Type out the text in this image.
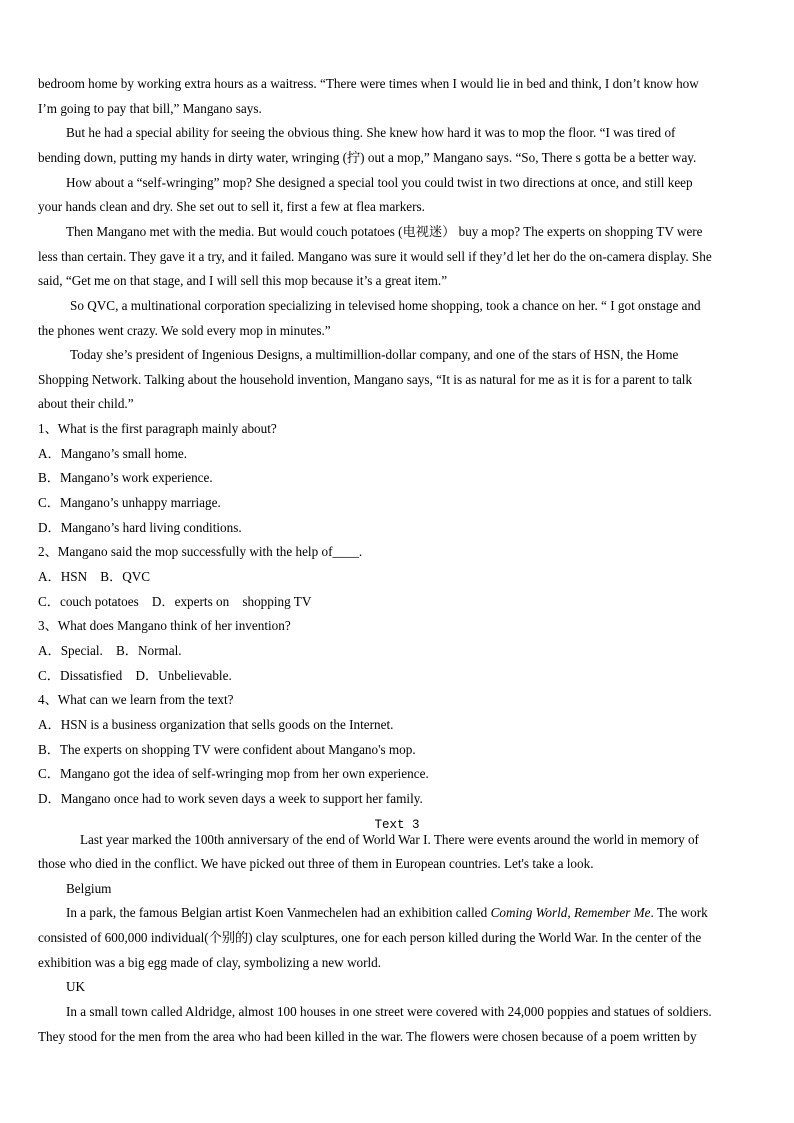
bedroom home by working extra hours as a waitress. “There were times when I would lie in bed and think, I don’t know how
I’m going to pay that bill,” Mangano says.
But he had a special ability for seeing the obvious thing. She knew how hard it was to mop the floor. “I was tired of
bending down, putting my hands in dirty water, wringing (拧) out a mop,” Mangano says. “So, There s gotta be a better way.
How about a “self-wringing” mop? She designed a special tool you could twist in two directions at once, and still keep
your hands clean and dry. She set out to sell it, first a few at flea markers.
Then Mangano met with the media. But would couch potatoes (电视迷） buy a mop? The experts on shopping TV were
less than certain. They gave it a try, and it failed. Mangano was sure it would sell if they’d let her do the on-camera display. She
said, “Get me on that stage, and I will sell this mop because it’s a great item.”
So QVC, a multinational corporation specializing in televised home shopping, took a chance on her. “ I got onstage and
the phones went crazy. We sold every mop in minutes.”
Today she’s president of Ingenious Designs, a multimillion-dollar company, and one of the stars of HSN, the Home
Shopping Network. Talking about the household invention, Mangano says, “It is as natural for me as it is for a parent to talk
about their child.”
1、What is the first paragraph mainly about?
A．Mangano’s small home.
B．Mangano’s work experience.
C．Mangano’s unhappy marriage.
D．Mangano’s hard living conditions.
2、Mangano said the mop successfully with the help of____.
A．HSN　B．QVC
C．couch potatoes　D．experts on　shopping TV
3、What does Mangano think of her invention?
A．Special.　B．Normal.
C．Dissatisfied　D．Unbelievable.
4、What can we learn from the text?
A．HSN is a business organization that sells goods on the Internet.
B．The experts on shopping TV were confident about Mangano's mop.
C．Mangano got the idea of self-wringing mop from her own experience.
D．Mangano once had to work seven days a week to support her family.
Text 3
Last year marked the 100th anniversary of the end of World War I. There were events around the world in memory of
those who died in the conflict. We have picked out three of them in European countries. Let's take a look.
Belgium
In a park, the famous Belgian artist Koen Vanmechelen had an exhibition called Coming World, Remember Me. The work
consisted of 600,000 individual(个别的) clay sculptures, one for each person killed during the World War. In the center of the
exhibition was a big egg made of clay, symbolizing a new world.
UK
In a small town called Aldridge, almost 100 houses in one street were covered with 24,000 poppies and statues of soldiers.
They stood for the men from the area who had been killed in the war. The flowers were chosen because of a poem written by
